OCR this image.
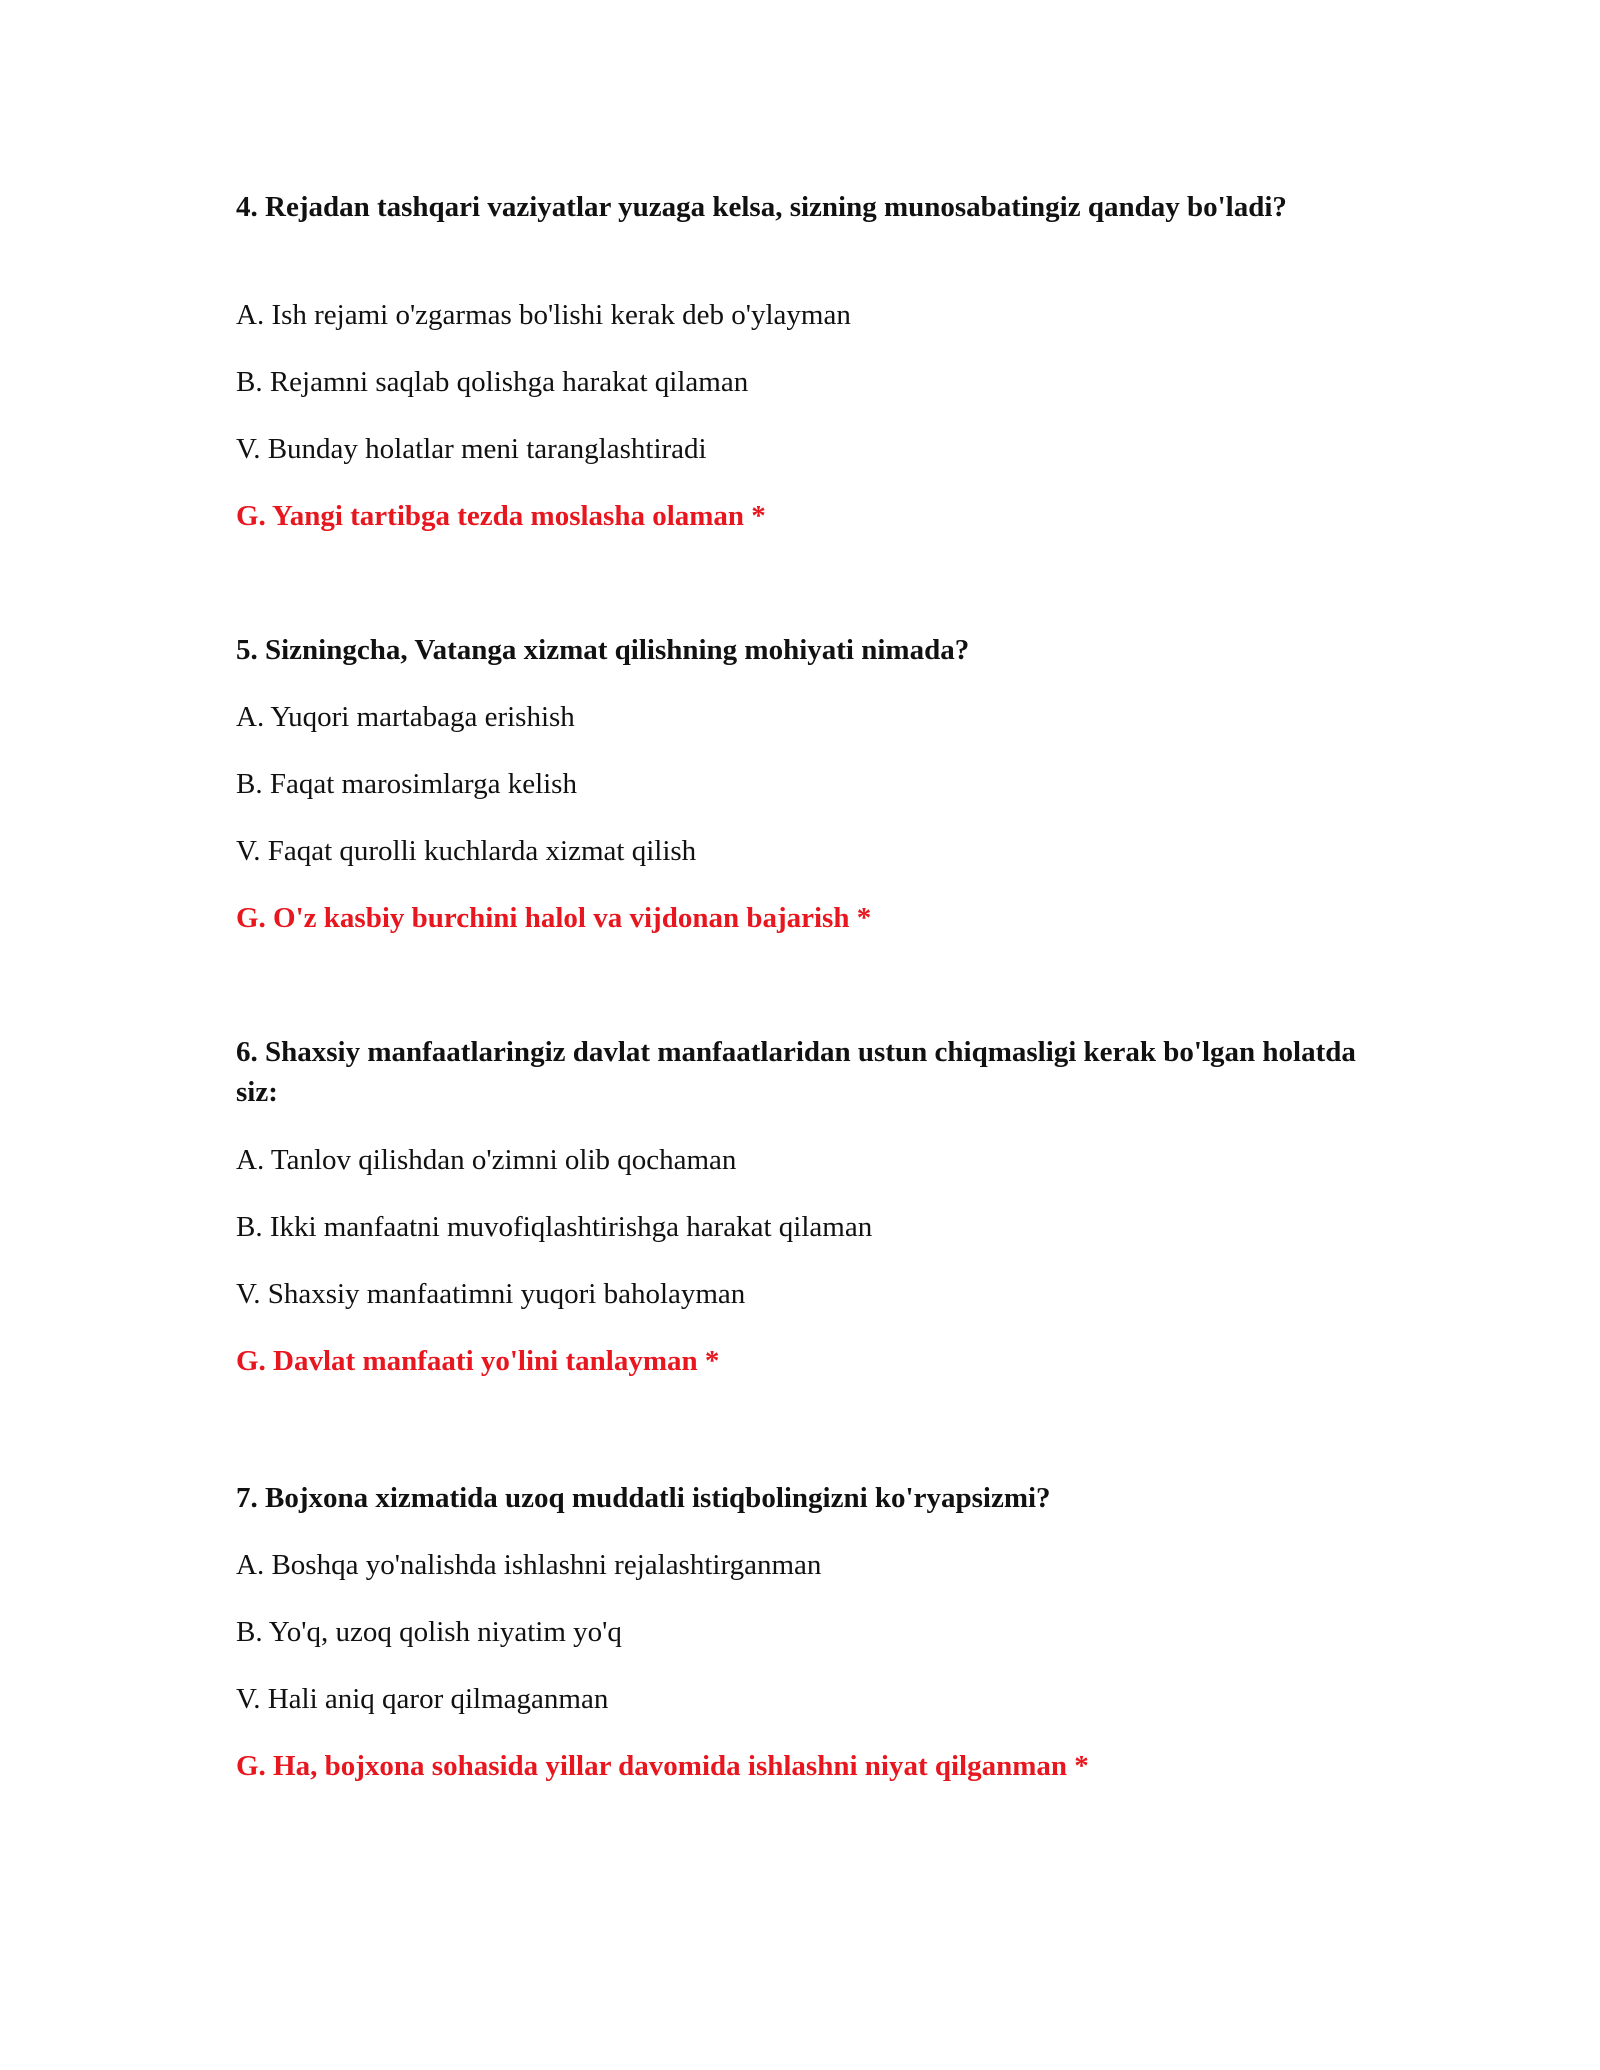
4. Rejadan tashqari vaziyatlar yuzaga kelsa, sizning munosabatingiz qanday bo'ladi?

A. Ish rejami o'zgarmas bo'lishi kerak deb o'ylayman

B. Rejamni saqlab qolishga harakat qilaman

V. Bunday holatlar meni taranglashtiradi

G. Yangi tartibga tezda moslasha olaman *

5. Sizningcha, Vatanga xizmat qilishning mohiyati nimada?

A. Yuqori martabaga erishish

B. Faqat marosimlarga kelish

V. Faqat qurolli kuchlarda xizmat qilish

G. O'z kasbiy burchini halol va vijdonan bajarish *

6. Shaxsiy manfaatlaringiz davlat manfaatlaridan ustun chiqmasligi kerak bo'lgan holatda siz:

A. Tanlov qilishdan o'zimni olib qochaman

B. Ikki manfaatni muvofiqlashtirishga harakat qilaman

V. Shaxsiy manfaatimni yuqori baholayman

G. Davlat manfaati yo'lini tanlayman *

7. Bojxona xizmatida uzoq muddatli istiqbolingizni ko'ryapsizmi?

A. Boshqa yo'nalishda ishlashni rejalashtirganman

B. Yo'q, uzoq qolish niyatim yo'q

V. Hali aniq qaror qilmaganman

G. Ha, bojxona sohasida yillar davomida ishlashni niyat qilganman *
